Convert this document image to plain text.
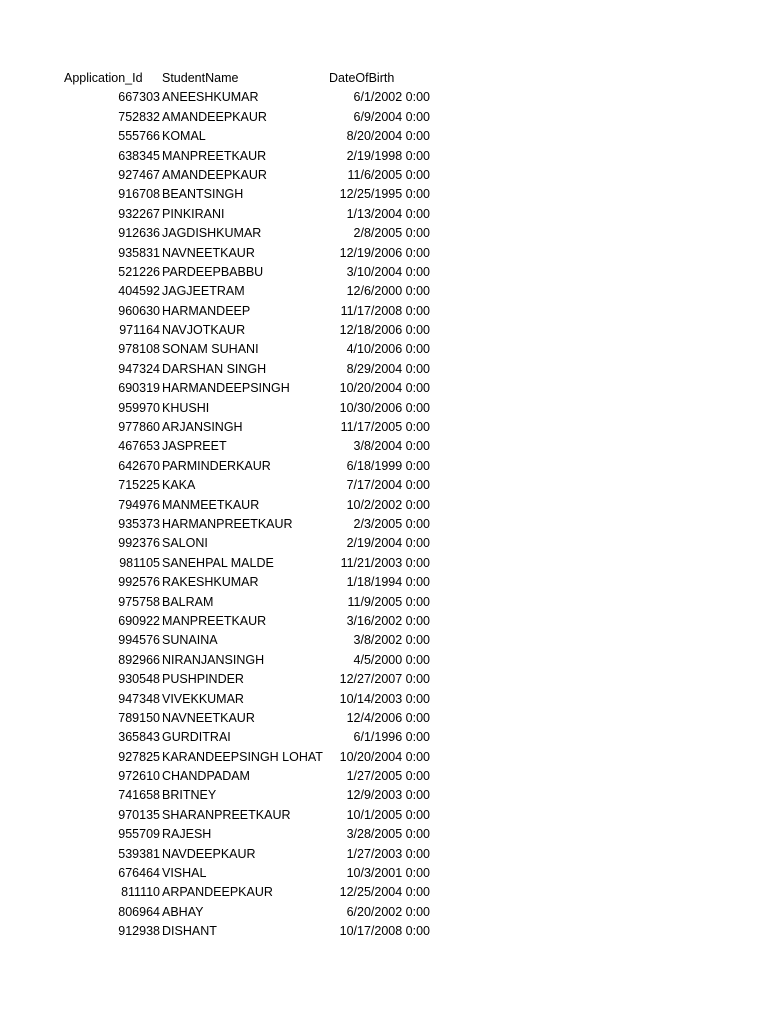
Application_Id StudentName	DateOfBirth
667303 ANEESHKUMAR	6/1/2002 0:00
752832 AMANDEEPKAUR	6/9/2004 0:00
555766 KOMAL	8/20/2004 0:00
638345 MANPREETKAUR	2/19/1998 0:00
927467 AMANDEEPKAUR	11/6/2005 0:00
916708 BEANTSINGH	12/25/1995 0:00
932267 PINKIRANI	1/13/2004 0:00
912636 JAGDISHKUMAR	2/8/2005 0:00
935831 NAVNEETKAUR	12/19/2006 0:00
521226 PARDEEPBABBU	3/10/2004 0:00
404592 JAGJEETRAM	12/6/2000 0:00
960630 HARMANDEEP	11/17/2008 0:00
971164 NAVJOTKAUR	12/18/2006 0:00
978108 SONAM SUHANI	4/10/2006 0:00
947324 DARSHAN SINGH	8/29/2004 0:00
690319 HARMANDEEPSINGH	10/20/2004 0:00
959970 KHUSHI	10/30/2006 0:00
977860 ARJANSINGH	11/17/2005 0:00
467653 JASPREET	3/8/2004 0:00
642670 PARMINDERKAUR	6/18/1999 0:00
715225 KAKA	7/17/2004 0:00
794976 MANMEETKAUR	10/2/2002 0:00
935373 HARMANPREETKAUR	2/3/2005 0:00
992376 SALONI	2/19/2004 0:00
981105 SANEHPAL MALDE	11/21/2003 0:00
992576 RAKESHKUMAR	1/18/1994 0:00
975758 BALRAM	11/9/2005 0:00
690922 MANPREETKAUR	3/16/2002 0:00
994576 SUNAINA	3/8/2002 0:00
892966 NIRANJANSINGH	4/5/2000 0:00
930548 PUSHPINDER	12/27/2007 0:00
947348 VIVEKKUMAR	10/14/2003 0:00
789150 NAVNEETKAUR	12/4/2006 0:00
365843 GURDITRAI	6/1/1996 0:00
927825 KARANDEEPSINGH LOHAT 10/20/2004 0:00
972610 CHANDPADAM	1/27/2005 0:00
741658 BRITNEY	12/9/2003 0:00
970135 SHARANPREETKAUR	10/1/2005 0:00
955709 RAJESH	3/28/2005 0:00
539381 NAVDEEPKAUR	1/27/2003 0:00
676464 VISHAL	10/3/2001 0:00
811110 ARPANDEEPKAUR	12/25/2004 0:00
806964 ABHAY	6/20/2002 0:00
912938 DISHANT	10/17/2008 0:00
